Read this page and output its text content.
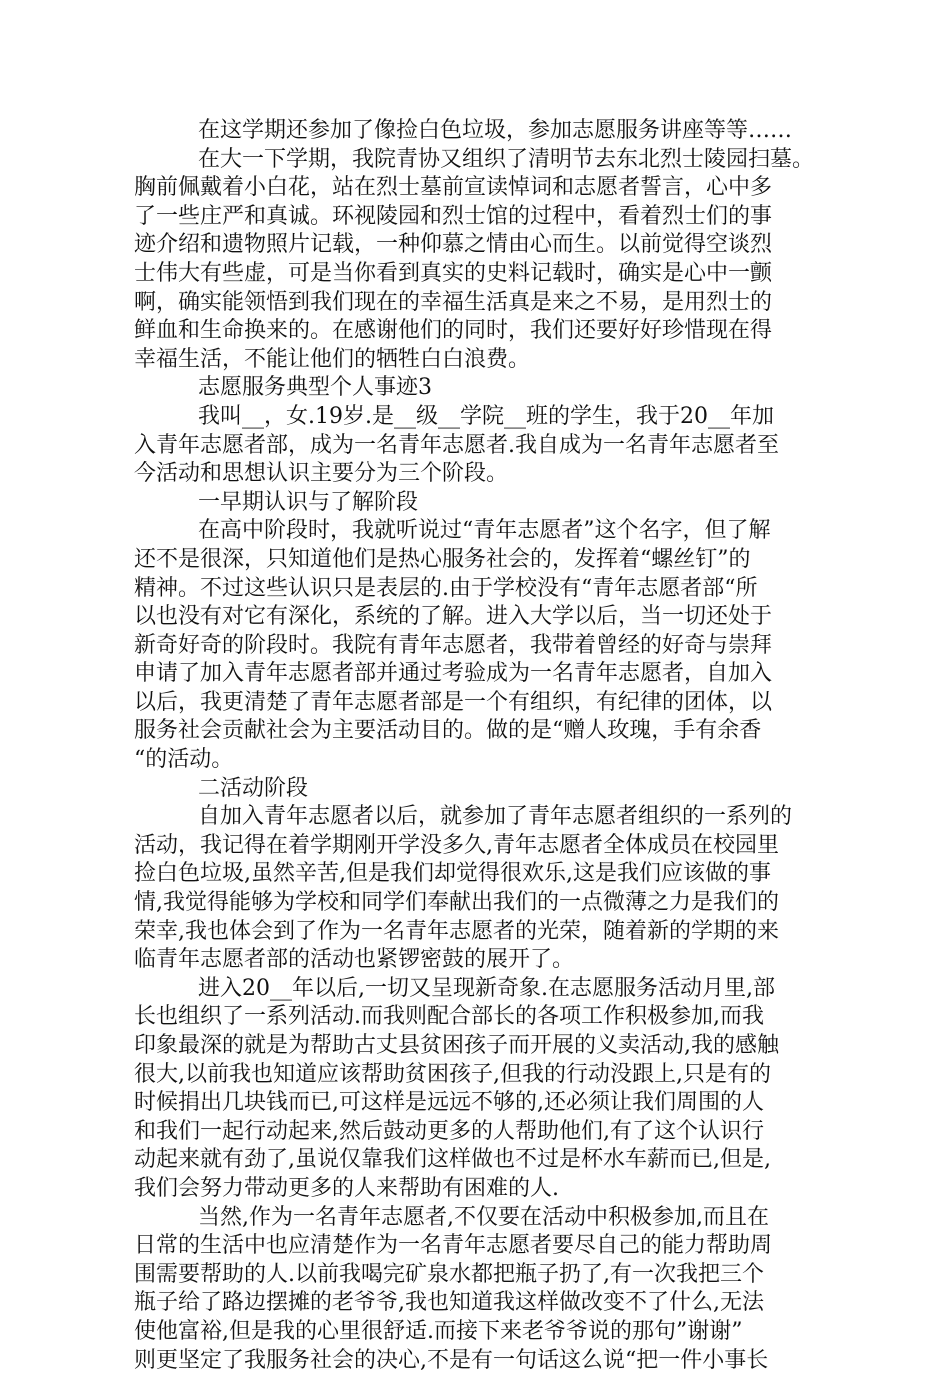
在这学期还参加了像捡白色垃圾，参加志愿服务讲座等等……
在大一下学期，我院青协又组织了清明节去东北烈士陵园扫墓。
胸前佩戴着小白花，站在烈士墓前宣读悼词和志愿者誓言，心中多
了一些庄严和真诚。环视陵园和烈士馆的过程中，看着烈士们的事
迹介绍和遗物照片记载，一种仰慕之情由心而生。以前觉得空谈烈
士伟大有些虚，可是当你看到真实的史料记载时，确实是心中一颤
啊，确实能领悟到我们现在的幸福生活真是来之不易，是用烈士的
鲜血和生命换来的。在感谢他们的同时，我们还要好好珍惜现在得
幸福生活，不能让他们的牺牲白白浪费。
志愿服务典型个人事迹3
我叫__，女.19岁.是__级__学院__班的学生，我于20__年加
入青年志愿者部，成为一名青年志愿者.我自成为一名青年志愿者至
今活动和思想认识主要分为三个阶段。
一早期认识与了解阶段
在高中阶段时，我就听说过“青年志愿者”这个名字，但了解
还不是很深，只知道他们是热心服务社会的，发挥着“螺丝钉”的
精神。不过这些认识只是表层的.由于学校没有“青年志愿者部“所
以也没有对它有深化，系统的了解。进入大学以后，当一切还处于
新奇好奇的阶段时。我院有青年志愿者，我带着曾经的好奇与崇拜
申请了加入青年志愿者部并通过考验成为一名青年志愿者，自加入
以后，我更清楚了青年志愿者部是一个有组织，有纪律的团体，以
服务社会贡献社会为主要活动目的。做的是“赠人玫瑰，手有余香
“的活动。
二活动阶段
自加入青年志愿者以后，就参加了青年志愿者组织的一系列的
活动，我记得在着学期刚开学没多久,青年志愿者全体成员在校园里
捡白色垃圾,虽然辛苦,但是我们却觉得很欢乐,这是我们应该做的事
情,我觉得能够为学校和同学们奉献出我们的一点微薄之力是我们的
荣幸,我也体会到了作为一名青年志愿者的光荣，随着新的学期的来
临青年志愿者部的活动也紧锣密鼓的展开了。
进入20__年以后,一切又呈现新奇象.在志愿服务活动月里,部
长也组织了一系列活动.而我则配合部长的各项工作积极参加,而我
印象最深的就是为帮助古丈县贫困孩子而开展的义卖活动,我的感触
很大,以前我也知道应该帮助贫困孩子,但我的行动没跟上,只是有的
时候捐出几块钱而已,可这样是远远不够的,还必须让我们周围的人
和我们一起行动起来,然后鼓动更多的人帮助他们,有了这个认识行
动起来就有劲了,虽说仅靠我们这样做也不过是杯水车薪而已,但是,
我们会努力带动更多的人来帮助有困难的人.
当然,作为一名青年志愿者,不仅要在活动中积极参加,而且在
日常的生活中也应清楚作为一名青年志愿者要尽自己的能力帮助周
围需要帮助的人.以前我喝完矿泉水都把瓶子扔了,有一次我把三个
瓶子给了路边摆摊的老爷爷,我也知道我这样做改变不了什么,无法
使他富裕,但是我的心里很舒适.而接下来老爷爷说的那句”谢谢”
则更坚定了我服务社会的决心,不是有一句话这么说“把一件小事长
